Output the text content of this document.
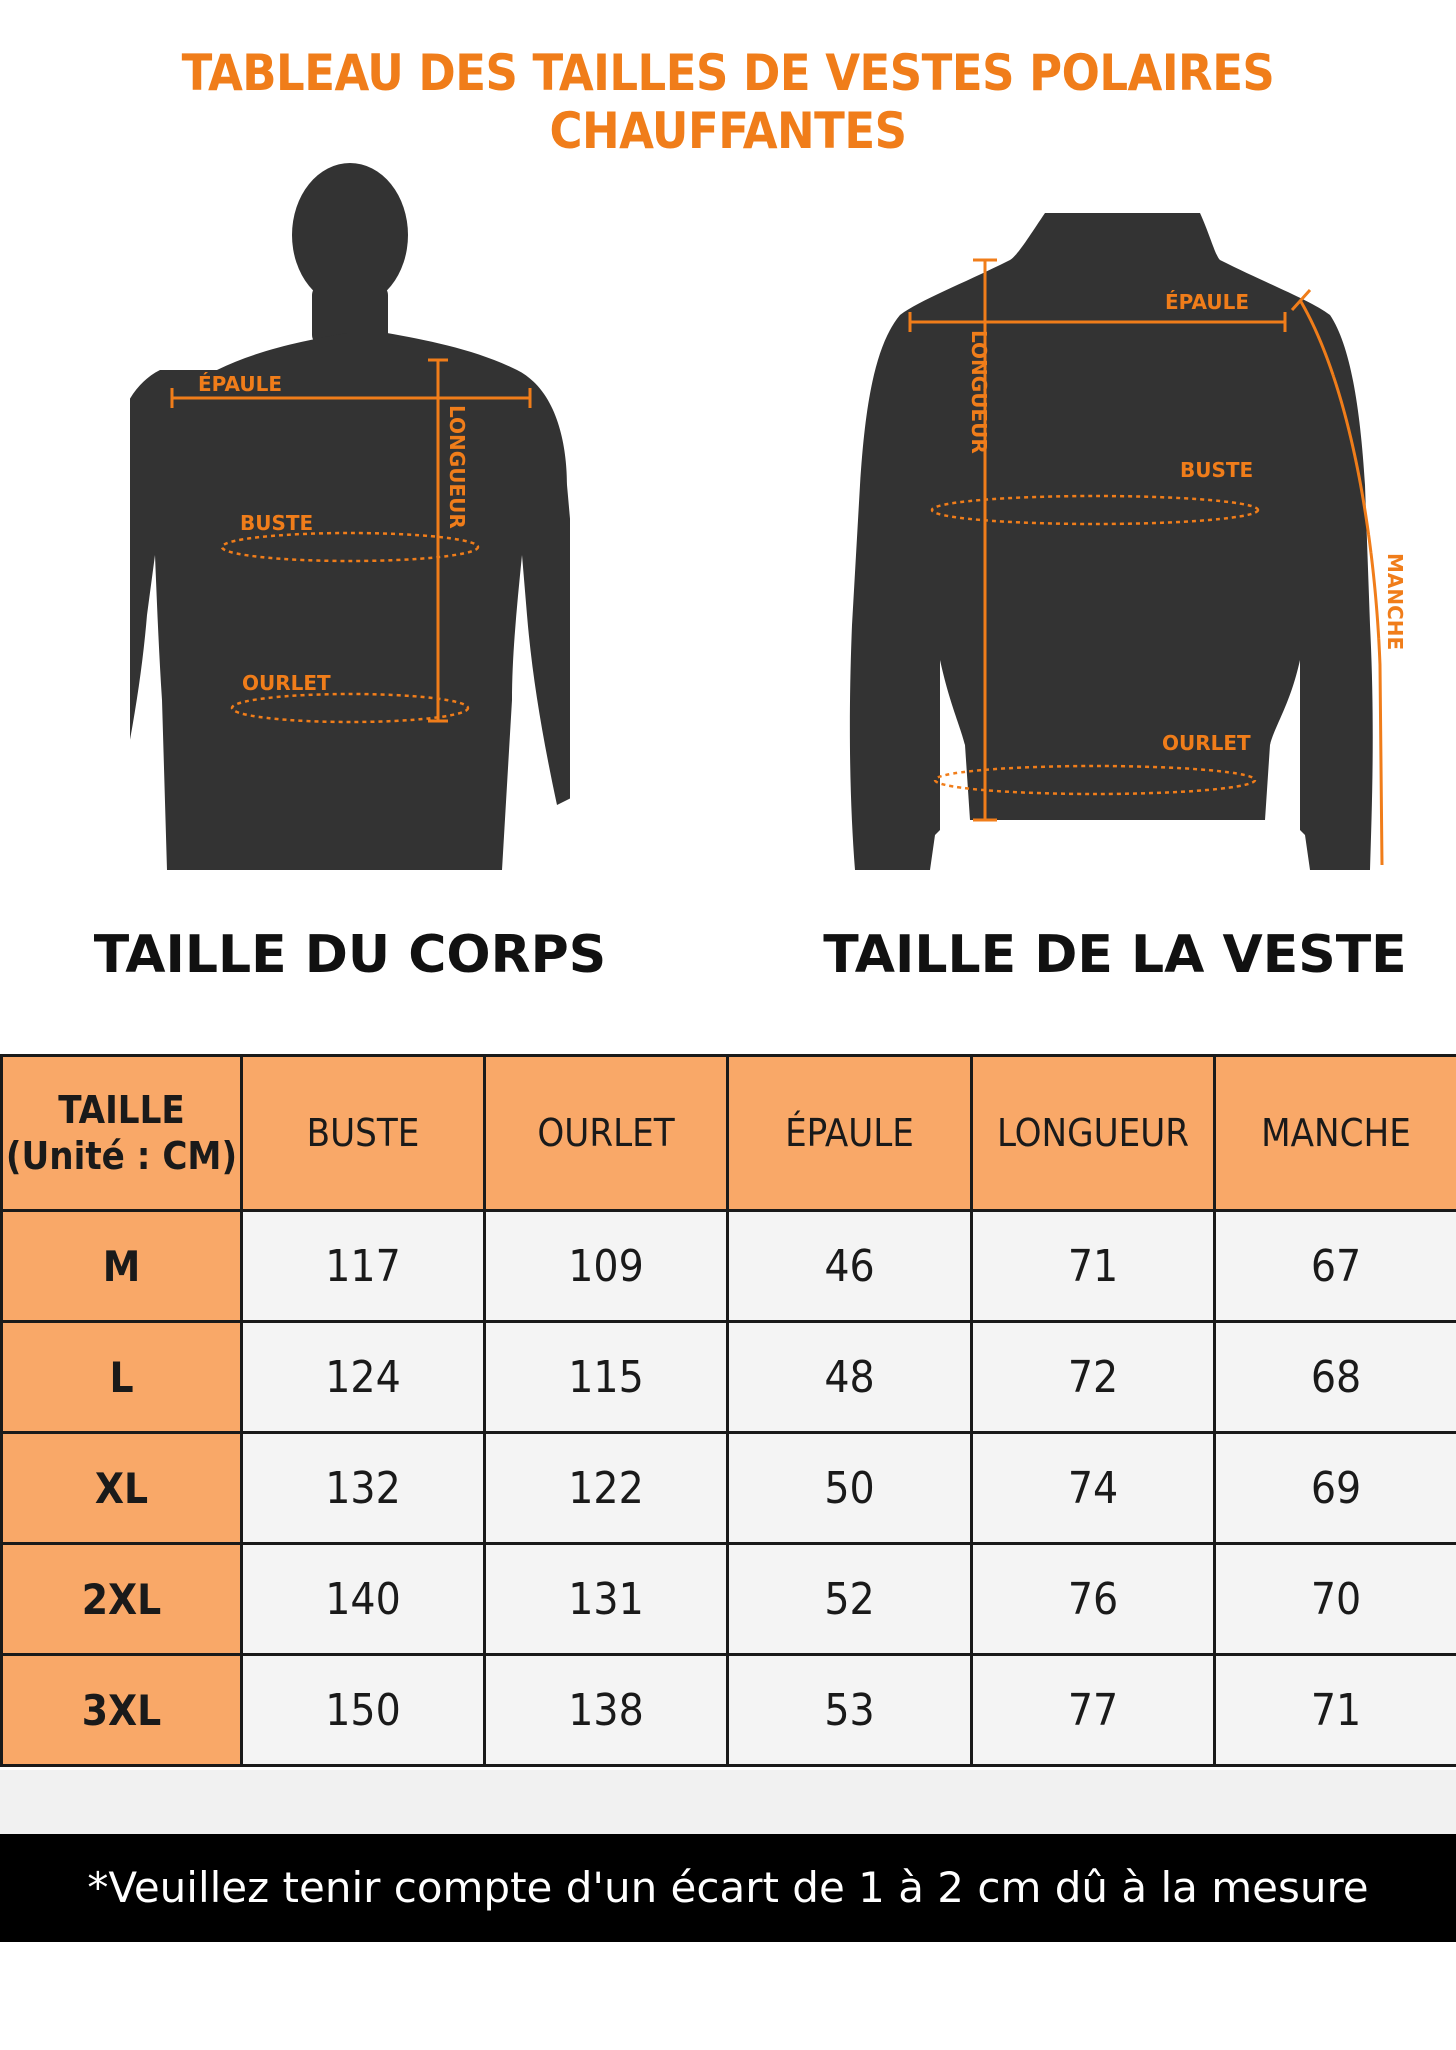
TABLEAU DES TAILLES DE VESTES POLAIRES CHAUFFANTES
ÉPAULE
LONGUEUR
BUSTE
OURLET
TAILLE DU CORPS
ÉPAULE
LONGUEUR
BUSTE
OURLET
MANCHE
TAILLE DE LA VESTE
TAILLE
(Unité : CM)	BUSTE	OURLET	ÉPAULE	LONGUEUR	MANCHE
M	117	109	46	71	67
L	124	115	48	72	68
XL	132	122	50	74	69
2XL	140	131	52	76	70
3XL	150	138	53	77	71
*Veuillez tenir compte d'un écart de 1 à 2 cm dû à la mesure manuelle.
